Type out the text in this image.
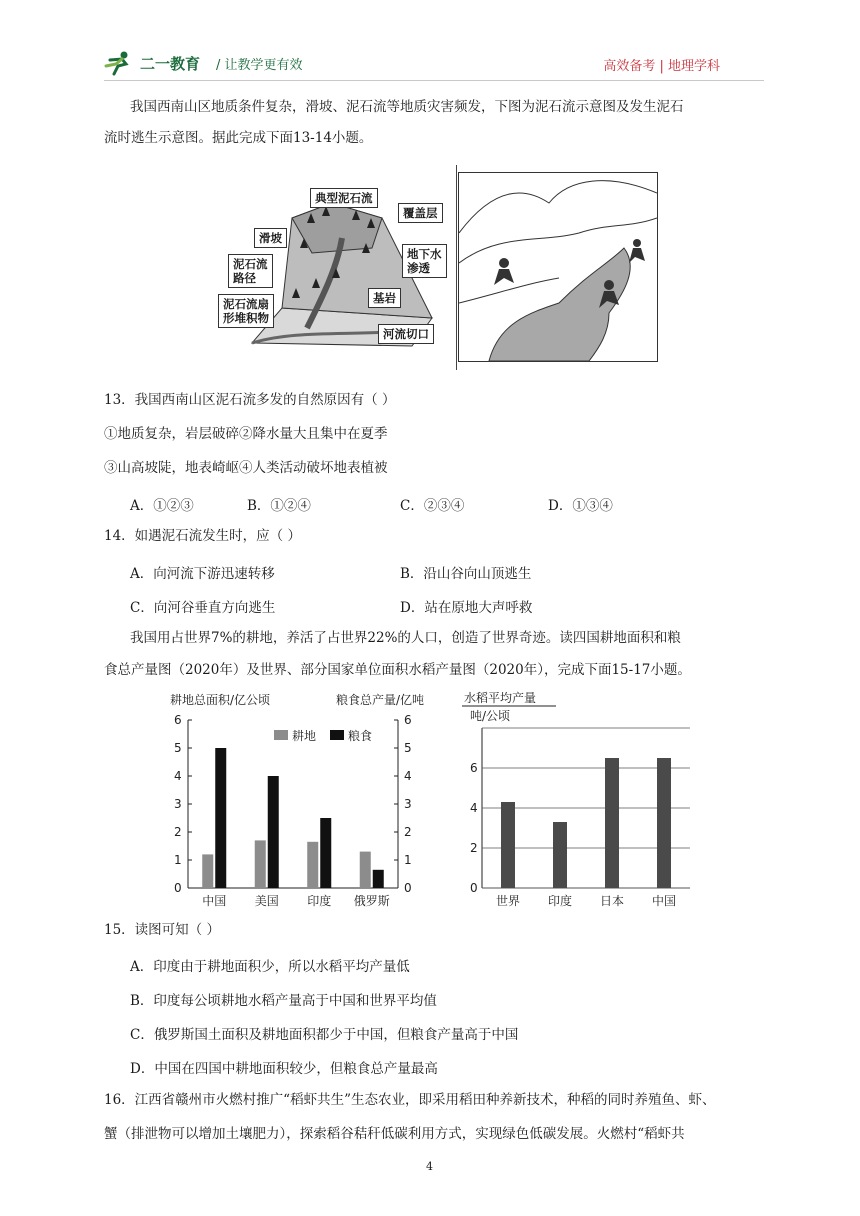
二一教育 / 让教学更有效	高效备考 | 地理学科
我国西南山区地质条件复杂，滑坡、泥石流等地质灾害频发，下图为泥石流示意图及发生泥石
流时逃生示意图。据此完成下面13-14小题。
典型泥石流
覆盖层
滑坡
泥石流
路径
地下水
渗透
泥石流扇
形堆积物
基岩
河流切口
13．我国西南山区泥石流多发的自然原因有（ ）
①地质复杂，岩层破碎②降水量大且集中在夏季
③山高坡陡，地表崎岖④人类活动破坏地表植被
A．①②③	B．①②④	C．②③④	D．①③④
14．如遇泥石流发生时，应（ ）
A．向河流下游迅速转移	B．沿山谷向山顶逃生
C．向河谷垂直方向逃生	D．站在原地大声呼救
我国用占世界7%的耕地，养活了占世界22%的人口，创造了世界奇迹。读四国耕地面积和粮
食总产量图（2020年）及世界、部分国家单位面积水稻产量图（2020年），完成下面15-17小题。
耕地总面积/亿公顷	粮食总产量/亿吨
0	0
1	1
2	2
3	3
4	4
5	5
6	6
中国 美国 印度 俄罗斯
耕地	粮食
水稻平均产量
吨/公顷
0
2
4
6
世界 印度 日本 中国
15．读图可知（ ）
A．印度由于耕地面积少，所以水稻平均产量低
B．印度每公顷耕地水稻产量高于中国和世界平均值
C．俄罗斯国土面积及耕地面积都少于中国，但粮食产量高于中国
D．中国在四国中耕地面积较少，但粮食总产量最高
16．江西省赣州市火燃村推广“稻虾共生”生态农业，即采用稻田种养新技术，种稻的同时养殖鱼、虾、
蟹（排泄物可以增加土壤肥力），探索稻谷秸秆低碳利用方式，实现绿色低碳发展。火燃村“稻虾共
4
